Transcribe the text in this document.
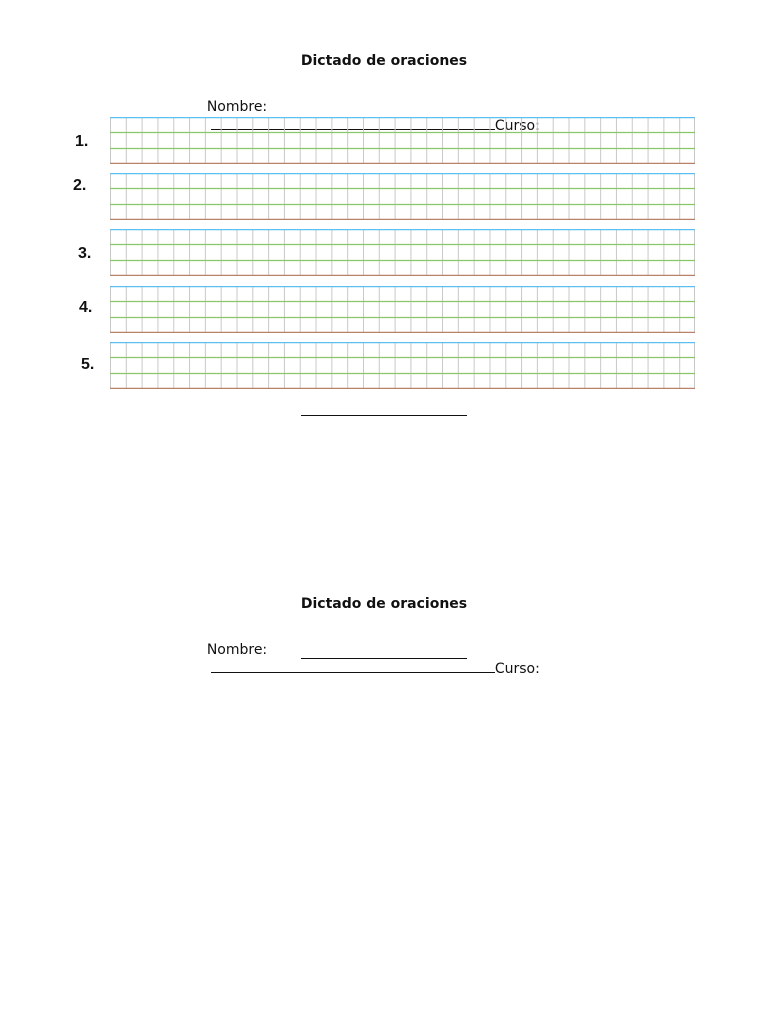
Dictado de oraciones

Nombre:
Curso:

1.
2.
3.
4.
5.
Dictado de oraciones

Nombre:
Curso:
